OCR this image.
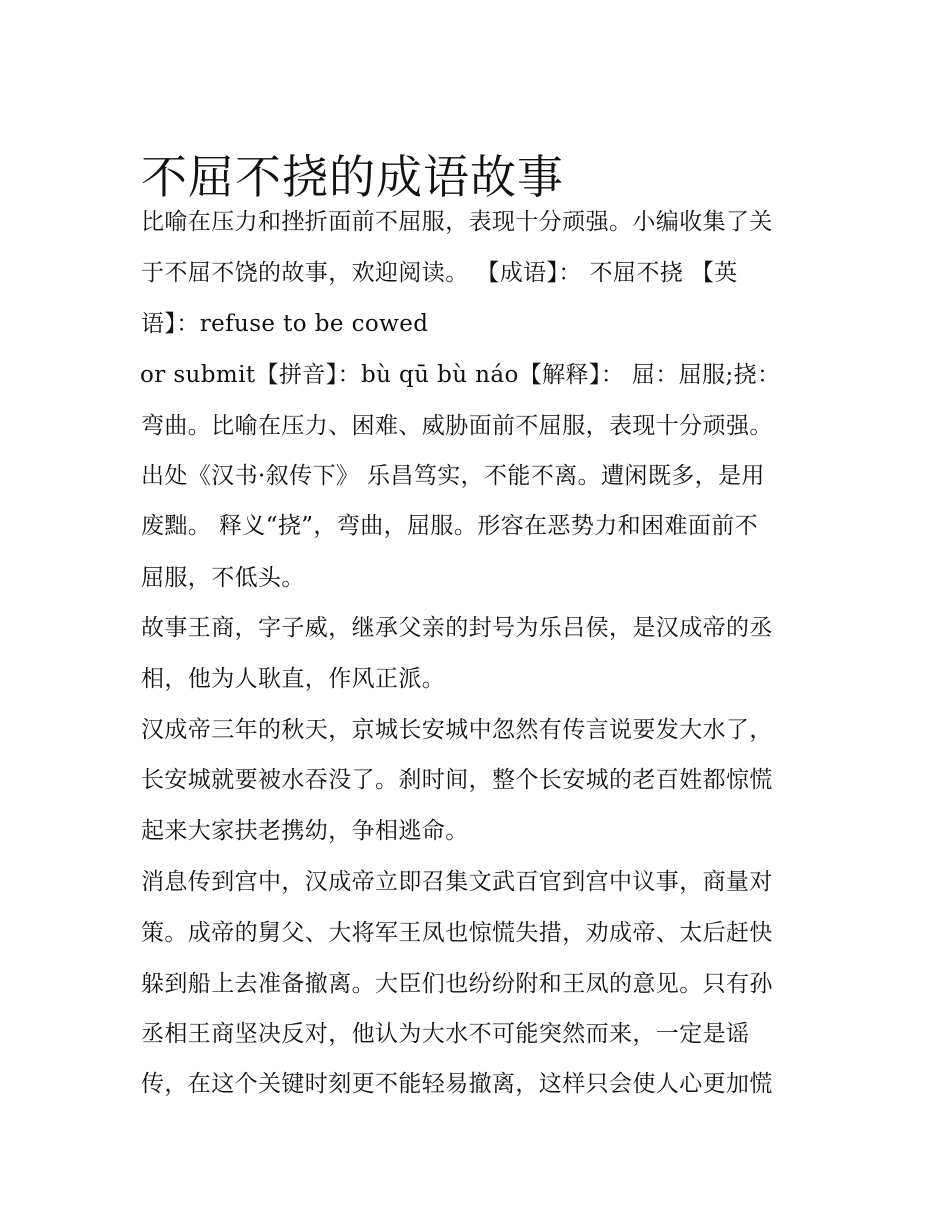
不屈不挠的成语故事
比喻在压力和挫折面前不屈服，表现十分顽强。小编收集了关
于不屈不饶的故事，欢迎阅读。 【成语】： 不屈不挠 【英
语】：refuse to be cowed
or submit【拼音】：bù qū bù náo【解释】： 屈：屈服;挠：
弯曲。比喻在压力、困难、威胁面前不屈服，表现十分顽强。
出处《汉书·叙传下》 乐昌笃实，不能不离。遭闲既多，是用
废黜。 释义“挠”，弯曲，屈服。形容在恶势力和困难面前不
屈服，不低头。
故事王商，字子威，继承父亲的封号为乐吕侯，是汉成帝的丞
相，他为人耿直，作风正派。
汉成帝三年的秋天，京城长安城中忽然有传言说要发大水了，
长安城就要被水吞没了。刹时间，整个长安城的老百姓都惊慌
起来大家扶老携幼，争相逃命。
消息传到宫中，汉成帝立即召集文武百官到宫中议事，商量对
策。成帝的舅父、大将军王凤也惊慌失措，劝成帝、太后赶快
躲到船上去准备撤离。大臣们也纷纷附和王凤的意见。只有孙
丞相王商坚决反对，他认为大水不可能突然而来，一定是谣
传，在这个关键时刻更不能轻易撤离，这样只会使人心更加慌
